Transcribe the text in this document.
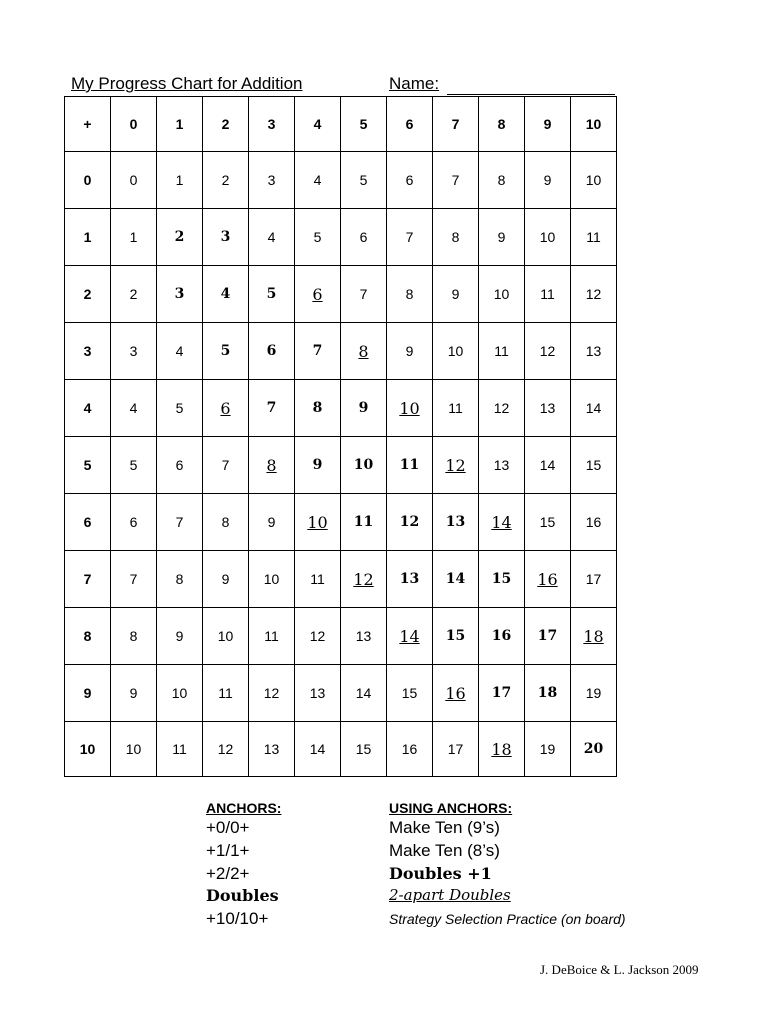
My Progress Chart for Addition	Name:
+	0	1	2	3	4	5	6	7	8	9	10
0	0	1	2	3	4	5	6	7	8	9	10
1	1	2	3	4	5	6	7	8	9	10	11
2	2	3	4	5	6	7	8	9	10	11	12
3	3	4	5	6	7	8	9	10	11	12	13
4	4	5	6	7	8	9	10	11	12	13	14
5	5	6	7	8	9	10	11	12	13	14	15
6	6	7	8	9	10	11	12	13	14	15	16
7	7	8	9	10	11	12	13	14	15	16	17
8	8	9	10	11	12	13	14	15	16	17	18
9	9	10	11	12	13	14	15	16	17	18	19
10	10	11	12	13	14	15	16	17	18	19	20
ANCHORS:
+0/0+
+1/1+
+2/2+
Doubles
+10/10+
USING ANCHORS:
Make Ten (9’s)
Make Ten (8’s)
Doubles +1
2-apart Doubles
Strategy Selection Practice (on board)
J. DeBoice & L. Jackson 2009
